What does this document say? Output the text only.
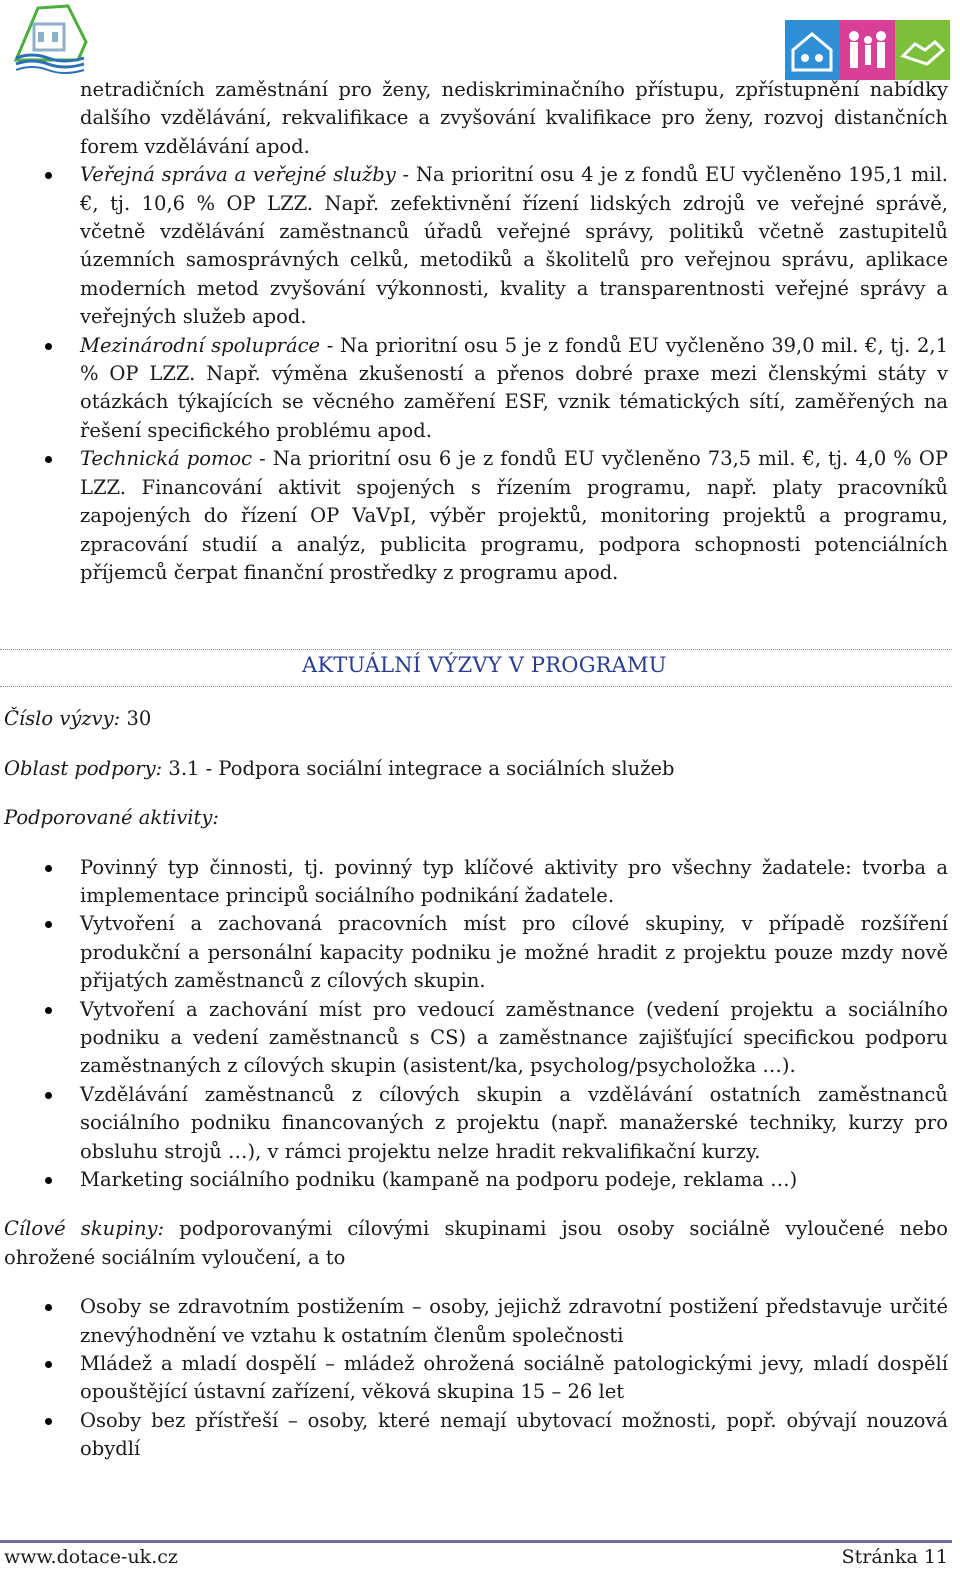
netradičních zaměstnání pro ženy, nediskriminačního přístupu, zpřístupnění nabídky dalšího vzdělávání, rekvalifikace a zvyšování kvalifikace pro ženy, rozvoj distančních forem vzdělávání apod.
Veřejná správa a veřejné služby - Na prioritní osu 4 je z fondů EU vyčleněno 195,1 mil. €, tj. 10,6 % OP LZZ. Např. zefektivnění řízení lidských zdrojů ve veřejné správě, včetně vzdělávání zaměstnanců úřadů veřejné správy, politiků včetně zastupitelů územních samosprávných celků, metodiků a školitelů pro veřejnou správu, aplikace moderních metod zvyšování výkonnosti, kvality a transparentnosti veřejné správy a veřejných služeb apod.
Mezinárodní spolupráce - Na prioritní osu 5 je z fondů EU vyčleněno 39,0 mil. €, tj. 2,1 % OP LZZ. Např. výměna zkušeností a přenos dobré praxe mezi členskými státy v otázkách týkajících se věcného zaměření ESF, vznik tématických sítí, zaměřených na řešení specifického problému apod.
Technická pomoc - Na prioritní osu 6 je z fondů EU vyčleněno 73,5 mil. €, tj. 4,0 % OP LZZ. Financování aktivit spojených s řízením programu, např. platy pracovníků zapojených do řízení OP VaVpI, výběr projektů, monitoring projektů a programu, zpracování studií a analýz, publicita programu, podpora schopnosti potenciálních příjemců čerpat finanční prostředky z programu apod.
AKTUÁLNÍ VÝZVY V PROGRAMU
Číslo výzvy: 30
Oblast podpory: 3.1 - Podpora sociální integrace a sociálních služeb
Podporované aktivity:
Povinný typ činnosti, tj. povinný typ klíčové aktivity pro všechny žadatele: tvorba a implementace principů sociálního podnikání žadatele.
Vytvoření a zachovaná pracovních míst pro cílové skupiny, v případě rozšíření produkční a personální kapacity podniku je možné hradit z projektu pouze mzdy nově přijatých zaměstnanců z cílových skupin.
Vytvoření a zachování míst pro vedoucí zaměstnance (vedení projektu a sociálního podniku a vedení zaměstnanců s CS) a zaměstnance zajišťující specifickou podporu zaměstnaných z cílových skupin (asistent/ka, psycholog/psycholožka …).
Vzdělávání zaměstnanců z cílových skupin a vzdělávání ostatních zaměstnanců sociálního podniku financovaných z projektu (např. manažerské techniky, kurzy pro obsluhu strojů …), v rámci projektu nelze hradit rekvalifikační kurzy.
Marketing sociálního podniku (kampaně na podporu podeje, reklama …)
Cílové skupiny: podporovanými cílovými skupinami jsou osoby sociálně vyloučené nebo ohrožené sociálním vyloučení, a to
Osoby se zdravotním postižením – osoby, jejichž zdravotní postižení představuje určité znevýhodnění ve vztahu k ostatním členům společnosti
Mládež a mladí dospělí – mládež ohrožená sociálně patologickými jevy, mladí dospělí opouštějící ústavní zařízení, věková skupina 15 – 26 let
Osoby bez přístřeší – osoby, které nemají ubytovací možnosti, popř. obývají nouzová obydlí
www.dotace-uk.cz	Stránka 11
